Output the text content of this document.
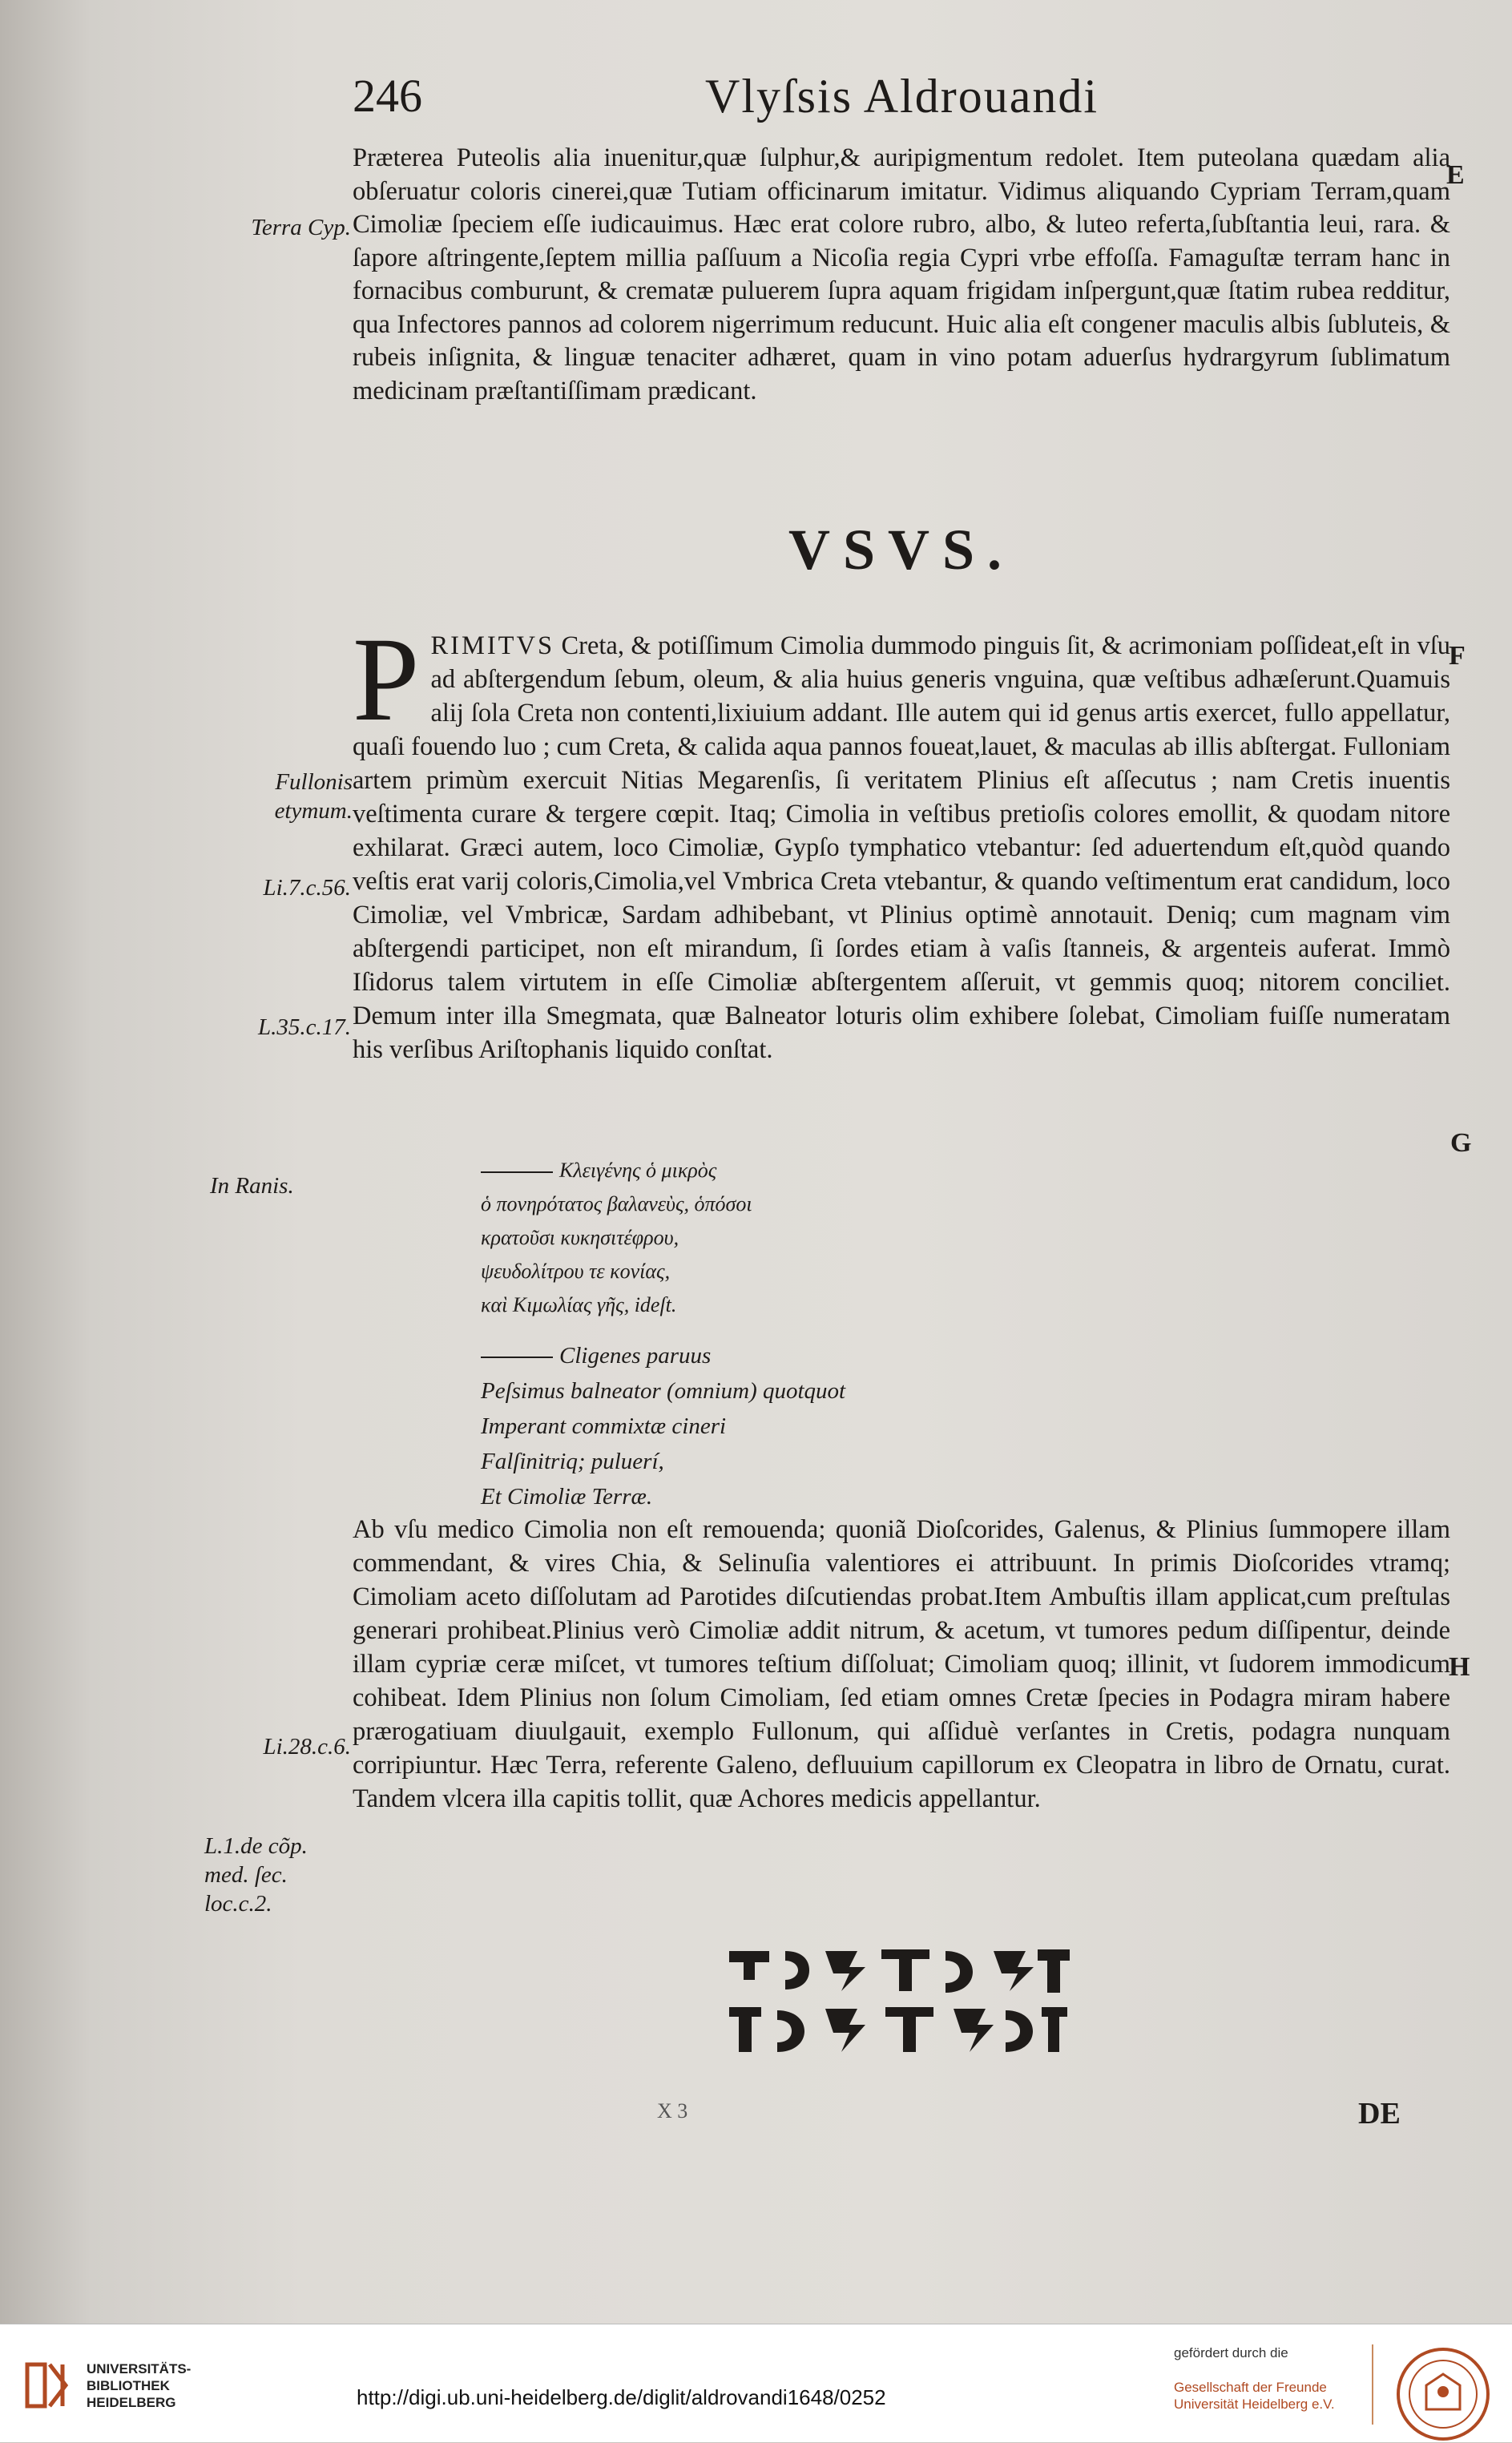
246	Vlyſsis Aldrouandi
E
F
G
H
Terra Cyp.
Fullonis etymum.
Li.7.c.56.
L.35.c.17.
In Ranis.
Li.28.c.6.
L.1.de cõp. med. ſec. loc.c.2.

Præterea Puteolis alia inuenitur,quæ ſulphur,& auripigmentum redolet. Item puteolana quædam alia obſeruatur coloris cinerei,quæ Tutiam officinarum imitatur. Vidimus aliquando Cypriam Terram,quam Cimoliæ ſpeciem eſſe iudicauimus. Hæc erat colore rubro, albo, & luteo referta,ſubſtantia leui, rara. & ſapore aſtringente,ſeptem millia paſſuum a Nicoſia regia Cypri vrbe effoſſa. Famaguſtæ terram hanc in fornacibus comburunt, & crematæ puluerem ſupra aquam frigidam inſpergunt,quæ ſtatim rubea redditur, qua Infectores pannos ad colorem nigerrimum reducunt. Huic alia eſt congener maculis albis ſubluteis, & rubeis inſignita, & linguæ tenaciter adhæret, quam in vino potam aduerſus hydrargyrum ſublimatum medicinam præſtantiſſimam prædicant.

VSVS.

PRIMITVS Creta, & potiſſimum Cimolia dummodo pinguis ſit, & acrimoniam poſſideat,eſt in vſu ad abſtergendum ſebum, oleum, & alia huius generis vnguina, quæ veſtibus adhæſerunt.Quamuis alij ſola Creta non contenti,lixiuium addant. Ille autem qui id genus artis exercet, fullo appellatur, quaſi fouendo luo ; cum Creta, & calida aqua pannos foueat,lauet, & maculas ab illis abſtergat. Fulloniam artem primùm exercuit Nitias Megarenſis, ſi veritatem Plinius eſt aſſecutus ; nam Cretis inuentis veſtimenta curare & tergere cœpit. Itaq; Cimolia in veſtibus pretioſis colores emollit, & quodam nitore exhilarat. Græci autem, loco Cimoliæ, Gypſo tymphatico vtebantur: ſed aduertendum eſt,quòd quando veſtis erat varij coloris,Cimolia,vel Vmbrica Creta vtebantur, & quando veſtimentum erat candidum, loco Cimoliæ, vel Vmbricæ, Sardam adhibebant, vt Plinius optimè annotauit. Deniq; cum magnam vim abſtergendi participet, non eſt mirandum, ſi ſordes etiam à vaſis ſtanneis, & argenteis auferat. Immò Iſidorus talem virtutem in eſſe Cimoliæ abſtergentem aſſeruit, vt gemmis quoq; nitorem conciliet. Demum inter illa Smegmata, quæ Balneator loturis olim exhibere ſolebat, Cimoliam fuiſſe numeratam his verſibus Ariſtophanis liquido conſtat.

Κλειγένης ὁ μικρὸς
ὁ πονηρότατος βαλανεὺς, ὁπόσοι
κρατοῦσι κυκησιτέφρου,
ψευδολίτρου τε κονίας,
καὶ Κιμωλίας γῆς, ideſt.
Cligenes paruus
Peſsimus balneator (omnium) quotquot
Imperant commixtæ cineri
Falſinitriq; puluerí,
Et Cimoliæ Terræ.

Ab vſu medico Cimolia non eſt remouenda; quoniã Dioſcorides, Galenus, & Plinius ſummopere illam commendant, & vires Chia, & Selinuſia valentiores ei attribuunt. In primis Dioſcorides vtramq; Cimoliam aceto diſſolutam ad Parotides diſcutiendas probat.Item Ambuſtis illam applicat,cum preſtulas generari prohibeat.Plinius verò Cimoliæ addit nitrum, & acetum, vt tumores pedum diſſipentur, deinde illam cypriæ ceræ miſcet, vt tumores teſtium diſſoluat; Cimoliam quoq; illinit, vt ſudorem immodicum cohibeat. Idem Plinius non ſolum Cimoliam, ſed etiam omnes Cretæ ſpecies in Podagra miram habere prærogatiuam diuulgauit, exemplo Fullonum, qui aſſiduè verſantes in Cretis, podagra nunquam corripiuntur. Hæc Terra, referente Galeno, defluuium capillorum ex Cleopatra in libro de Ornatu, curat. Tandem vlcera illa capitis tollit, quæ Achores medicis appellantur.

X 3	DE
UNIVERSITÄTS-
BIBLIOTHEK
HEIDELBERG	http://digi.ub.uni-heidelberg.de/diglit/aldrovandi1648/0252
gefördert durch die
Gesellschaft der Freunde
Universität Heidelberg e.V.
